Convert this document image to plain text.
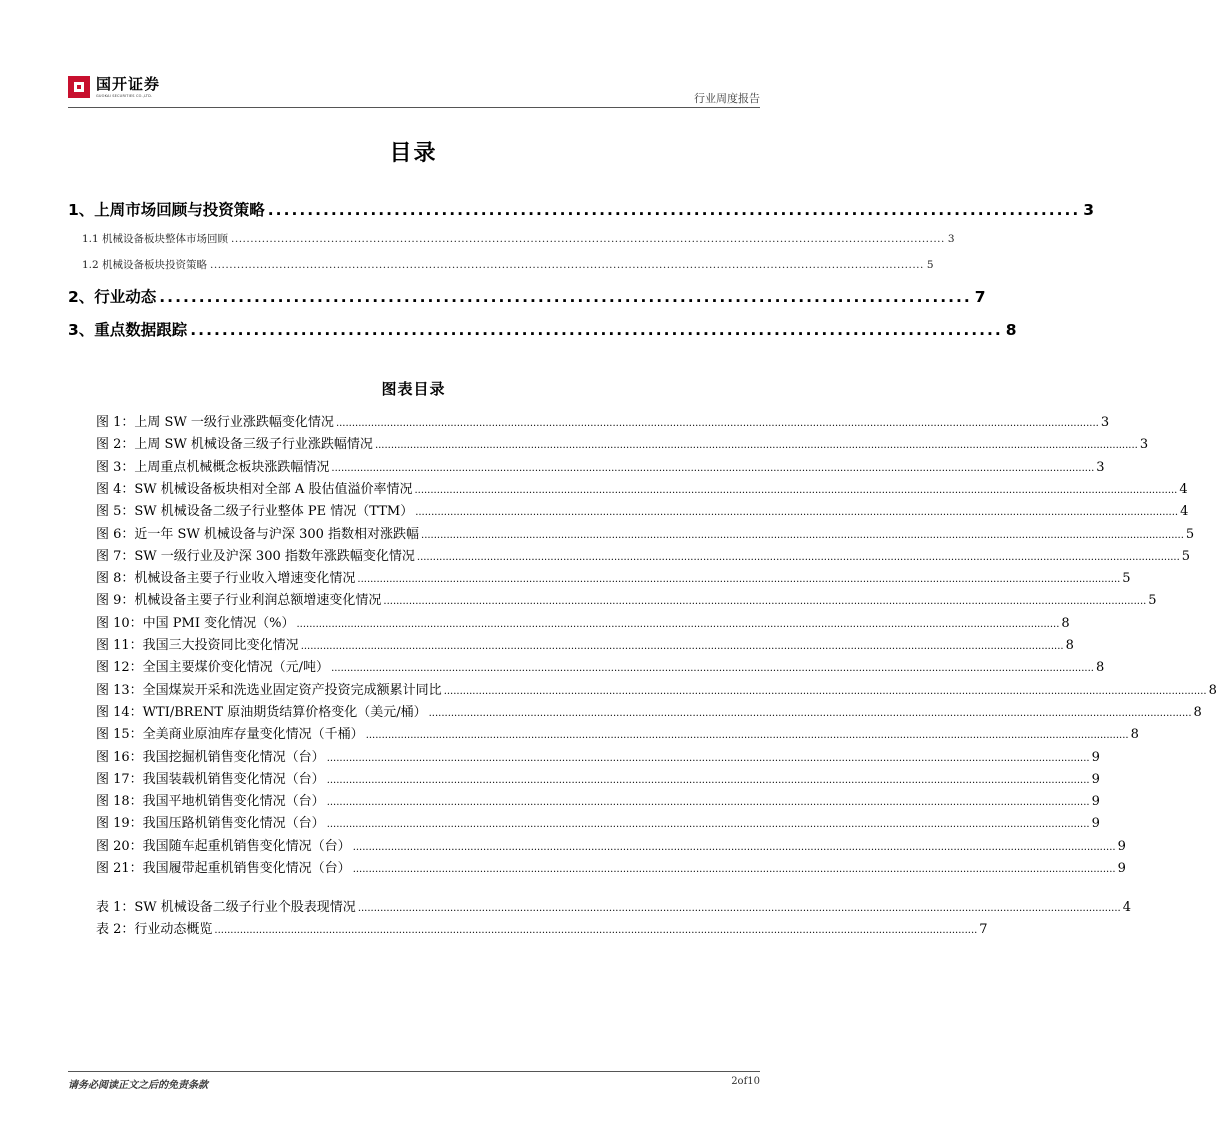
国开证券
GUOKAI SECURITIES CO.,LTD.	行业周度报告
目录
1、上周市场回顾与投资策略 ....................................................................................................... 3
1.1 机械设备板块整体市场回顾 .......................................................................................................................................................................................... 3
1.2 机械设备板块投资策略 .......................................................................................................................................................................................... 5
2、行业动态 ....................................................................................................... 7
3、重点数据跟踪 ....................................................................................................... 8
图表目录
图 1：上周 SW 一级行业涨跌幅变化情况 ................................................................................................................................................................................................................................................ 3
图 2：上周 SW 机械设备三级子行业涨跌幅情况 ................................................................................................................................................................................................................................................ 3
图 3：上周重点机械概念板块涨跌幅情况 ................................................................................................................................................................................................................................................ 3
图 4：SW 机械设备板块相对全部 A 股估值溢价率情况 ................................................................................................................................................................................................................................................ 4
图 5：SW 机械设备二级子行业整体 PE 情况（TTM） ................................................................................................................................................................................................................................................ 4
图 6：近一年 SW 机械设备与沪深 300 指数相对涨跌幅 ................................................................................................................................................................................................................................................ 5
图 7：SW 一级行业及沪深 300 指数年涨跌幅变化情况 ................................................................................................................................................................................................................................................ 5
图 8：机械设备主要子行业收入增速变化情况 ................................................................................................................................................................................................................................................ 5
图 9：机械设备主要子行业利润总额增速变化情况 ................................................................................................................................................................................................................................................ 5
图 10：中国 PMI 变化情况（%） ................................................................................................................................................................................................................................................ 8
图 11：我国三大投资同比变化情况 ................................................................................................................................................................................................................................................ 8
图 12：全国主要煤价变化情况（元/吨） ................................................................................................................................................................................................................................................ 8
图 13：全国煤炭开采和洗选业固定资产投资完成额累计同比 ................................................................................................................................................................................................................................................ 8
图 14：WTI/BRENT 原油期货结算价格变化（美元/桶） ................................................................................................................................................................................................................................................ 8
图 15：全美商业原油库存量变化情况（千桶） ................................................................................................................................................................................................................................................ 8
图 16：我国挖掘机销售变化情况（台） ................................................................................................................................................................................................................................................ 9
图 17：我国装载机销售变化情况（台） ................................................................................................................................................................................................................................................ 9
图 18：我国平地机销售变化情况（台） ................................................................................................................................................................................................................................................ 9
图 19：我国压路机销售变化情况（台） ................................................................................................................................................................................................................................................ 9
图 20：我国随车起重机销售变化情况（台） ................................................................................................................................................................................................................................................ 9
图 21：我国履带起重机销售变化情况（台） ................................................................................................................................................................................................................................................ 9
表 1：SW 机械设备二级子行业个股表现情况 ................................................................................................................................................................................................................................................ 4
表 2：行业动态概览 ................................................................................................................................................................................................................................................ 7
请务必阅读正文之后的免责条款	2of10
